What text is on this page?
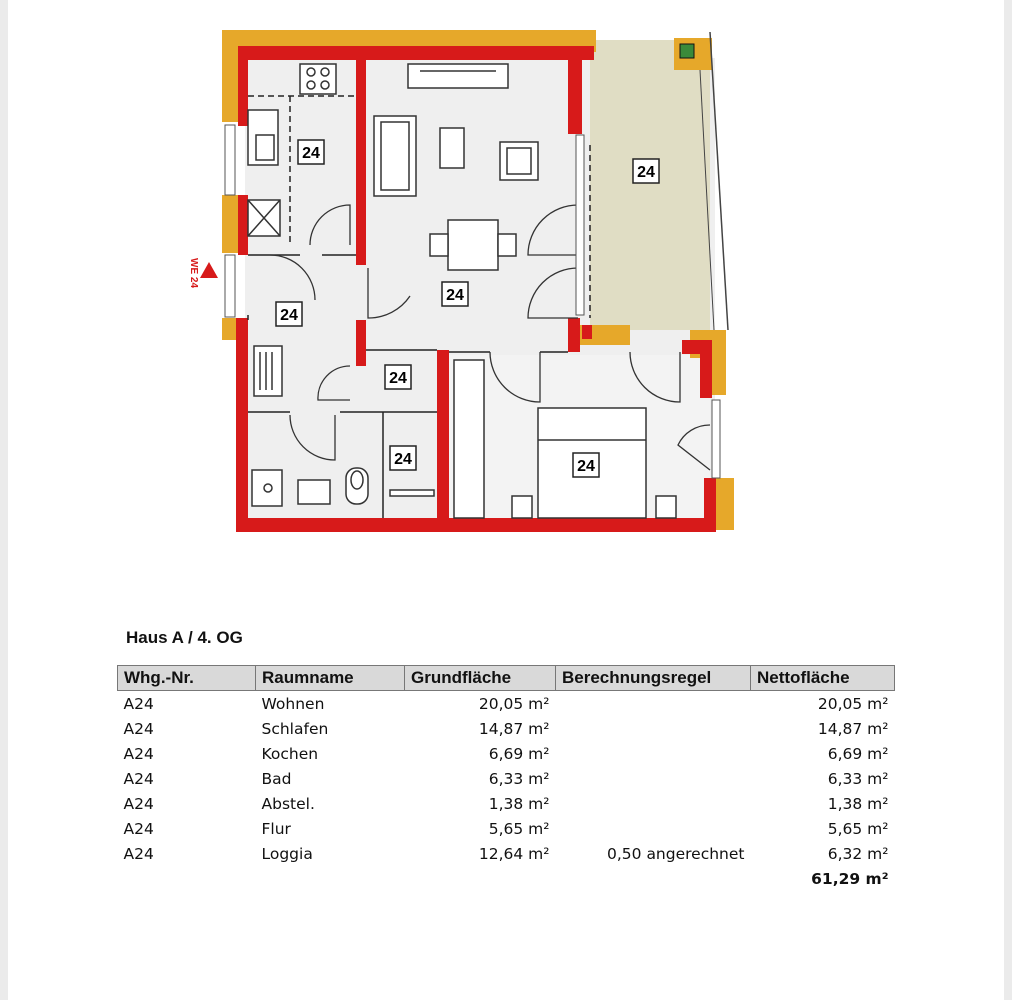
24
24
24
24
24
24	24
WE 24
Haus A / 4. OG
Whg.-Nr.	Raumname	Grundfläche	Berechnungsregel	Nettofläche
A24	Wohnen	20,05 m²		20,05 m²
A24	Schlafen	14,87 m²		14,87 m²
A24	Kochen	6,69 m²		6,69 m²
A24	Bad	6,33 m²		6,33 m²
A24	Abstel.	1,38 m²		1,38 m²
A24	Flur	5,65 m²		5,65 m²
A24	Loggia	12,64 m²	0,50 angerechnet	6,32 m²
				61,29 m²
